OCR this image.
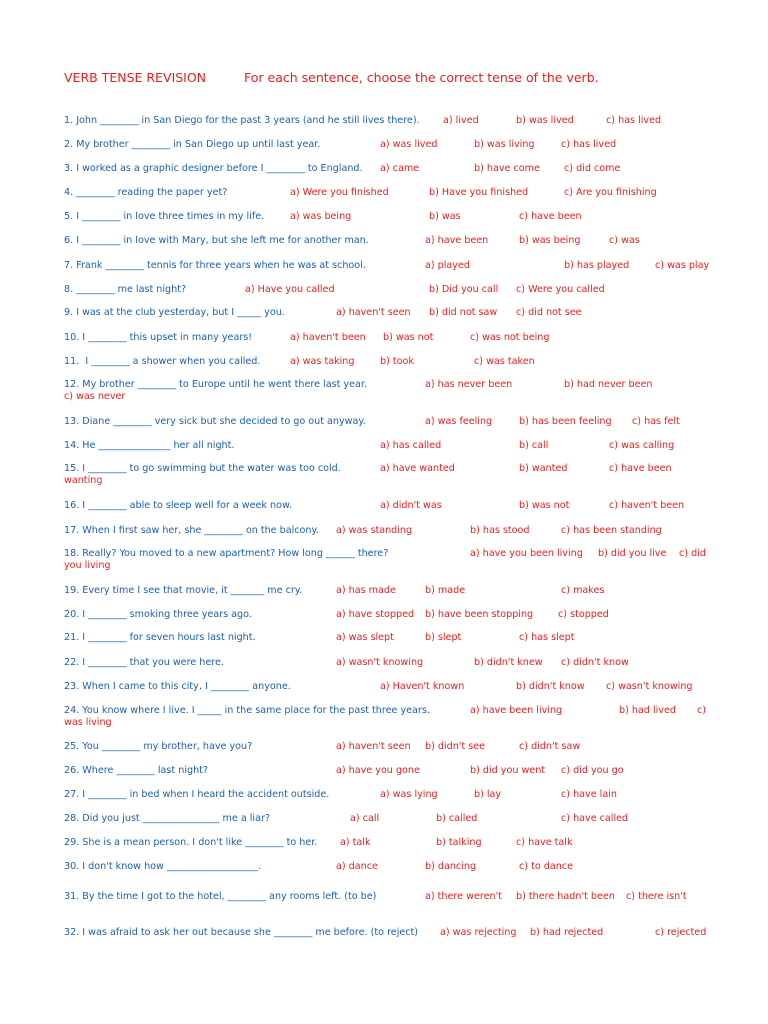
VERB TENSE REVISION	For each sentence, choose the correct tense of the verb.
1. John ________ in San Diego for the past 3 years (and he still lives there). a) lived	b) was lived	c) has lived
2. My brother ________ in San Diego up until last year.	a) was lived	b) was living	c) has lived
3. I worked as a graphic designer before I ________ to England. a) came	b) have come	c) did come
4. ________ reading the paper yet?	a) Were you finished	b) Have you finished	c) Are you finishing
5. I ________ in love three times in my life.	a) was being	b) was	c) have been
6. I ________ in love with Mary, but she left me for another man.	a) have been	b) was being	c) was
7. Frank ________ tennis for three years when he was at school.	a) played	b) has played	c) was play
8. ________ me last night?	a) Have you called	b) Did you call c) Were you called
9. I was at the club yesterday, but I _____ you.	a) haven't seen b) did not saw c) did not see
10. I ________ this upset in many years!	a) haven't been b) was not	c) was not being
11.  I ________ a shower when you called.	a) was taking	b) took	c) was taken
12. My brother ________ to Europe until he went there last year.	a) has never been	b) had never been
c) was never
13. Diane ________ very sick but she decided to go out anyway.	a) was feeling	b) has been feeling c) has felt
14. He _______________ her all night.	a) has called	b) call	c) was calling
15. I ________ to go swimming but the water was too cold.	a) have wanted	b) wanted	c) have been
wanting
16. I ________ able to sleep well for a week now.	a) didn't was	b) was not	c) haven't been
17. When I first saw her, she ________ on the balcony. a) was standing	b) has stood	c) has been standing
18. Really? You moved to a new apartment? How long ______ there?	a) have you been living b) did you live c) did
you living
19. Every time I see that movie, it _______ me cry.	a) has made	b) made	c) makes
20. I ________ smoking three years ago.	a) have stopped b) have been stopping	c) stopped
21. I ________ for seven hours last night.	a) was slept	b) slept	c) has slept
22. I ________ that you were here.	a) wasn't knowing	b) didn't knew c) didn't know
23. When I came to this city, I ________ anyone.	a) Haven't known	b) didn't know c) wasn't knowing
24. You know where I live. I _____ in the same place for the past three years.	a) have been living	b) had lived c)
was living
25. You ________ my brother, have you?	a) haven't seen b) didn't see	c) didn't saw
26. Where ________ last night?	a) have you gone	b) did you went c) did you go
27. I ________ in bed when I heard the accident outside.	a) was lying	b) lay	c) have lain
28. Did you just ________________ me a liar?	a) call	b) called	c) have called
29. She is a mean person. I don't like ________ to her. a) talk	b) talking	c) have talk
30. I don't know how ___________________.	a) dance	b) dancing	c) to dance
31. By the time I got to the hotel, ________ any rooms left. (to be)	a) there weren't b) there hadn't been c) there isn't
32. I was afraid to ask her out because she ________ me before. (to reject) a) was rejecting b) had rejected	c) rejected
